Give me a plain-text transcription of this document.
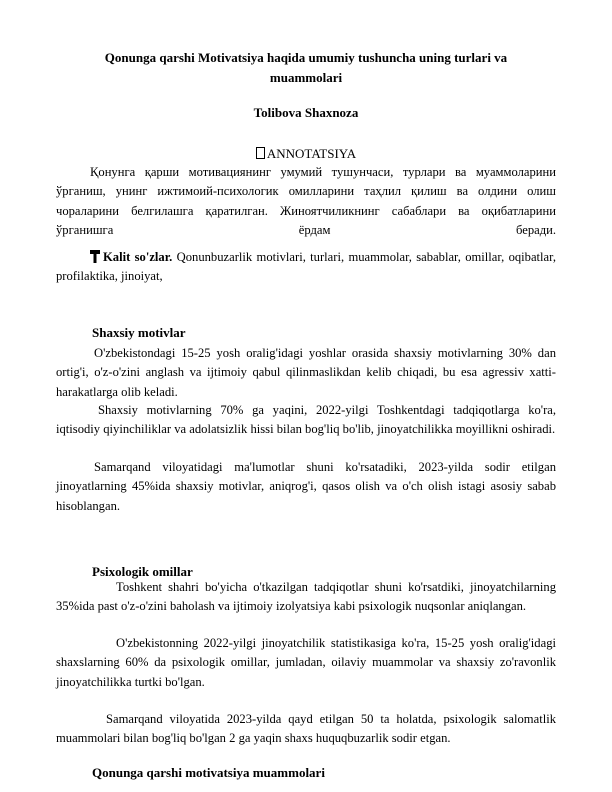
Qonunga qarshi Motivatsiya haqida umumiy tushuncha uning turlari va muammolari
Tolibova Shaxnoza
ANNOTATSIYA

Қонунга қарши мотивациянинг умумий тушунчаси, турлари ва муаммоларини ўрганиш, унинг ижтимоий-психологик омилларини таҳлил қилиш ва олдини олиш чораларини белгилашга қаратилган. Жиноятчиликнинг сабаблари ва оқибатларини ўрганишга ёрдам беради.

Kalit so'zlar. Qonunbuzarlik motivlari, turlari, muammolar, sabablar, omillar, oqibatlar, profilaktika, jinoiyat,

Shaxsiy motivlar

O'zbekistondagi 15-25 yosh oralig'idagi yoshlar orasida shaxsiy motivlarning 30% dan ortig'i, o'z-o'zini anglash va ijtimoiy qabul qilinmaslikdan kelib chiqadi, bu esa agressiv xatti-harakatlarga olib keladi.

Shaxsiy motivlarning 70% ga yaqini, 2022-yilgi Toshkentdagi tadqiqotlarga ko'ra, iqtisodiy qiyinchiliklar va adolatsizlik hissi bilan bog'liq bo'lib, jinoyatchilikka moyillikni oshiradi.

Samarqand viloyatidagi ma'lumotlar shuni ko'rsatadiki, 2023-yilda sodir etilgan jinoyatlarning 45%ida shaxsiy motivlar, aniqrog'i, qasos olish va o'ch olish istagi asosiy sabab hisoblangan.

Psixologik omillar

Toshkent shahri bo'yicha o'tkazilgan tadqiqotlar shuni ko'rsatdiki, jinoyatchilarning 35%ida past o'z-o'zini baholash va ijtimoiy izolyatsiya kabi psixologik nuqsonlar aniqlangan.

O'zbekistonning 2022-yilgi jinoyatchilik statistikasiga ko'ra, 15-25 yosh oralig'idagi shaxslarning 60% da psixologik omillar, jumladan, oilaviy muammolar va shaxsiy zo'ravonlik jinoyatchilikka turtki bo'lgan.

Samarqand viloyatida 2023-yilda qayd etilgan 50 ta holatda, psixologik salomatlik muammolari bilan bog'liq bo'lgan 2 ga yaqin shaxs huquqbuzarlik sodir etgan.

Qonunga qarshi motivatsiya muammolari
